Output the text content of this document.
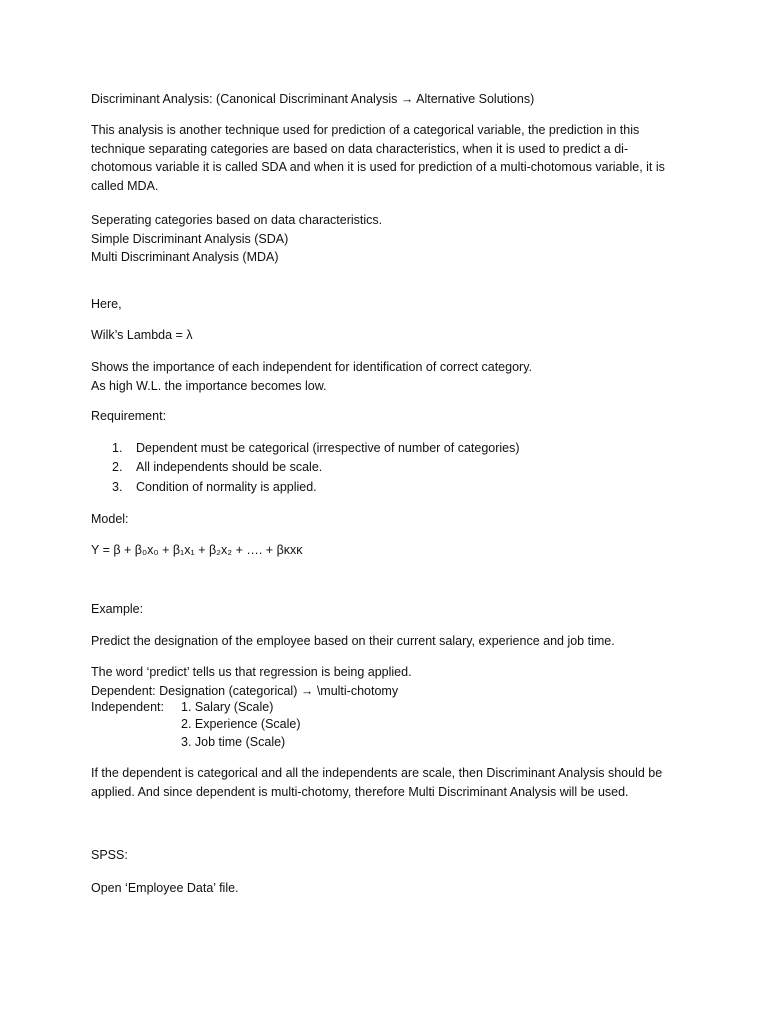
Discriminant Analysis: (Canonical Discriminant Analysis → Alternative Solutions)
This analysis is another technique used for prediction of a categorical variable, the prediction in this
technique separating categories are based on data characteristics, when it is used to predict a di-
chotomous variable it is called SDA and when it is used for prediction of a multi-chotomous variable, it is
called MDA.
Seperating categories based on data characteristics.
Simple Discriminant Analysis (SDA)
Multi Discriminant Analysis (MDA)
Here,
Wilk’s Lambda = λ
Shows the importance of each independent for identification of correct category.
As high W.L. the importance becomes low.
Requirement:
1. Dependent must be categorical (irrespective of number of categories)
2. All independents should be scale.
3. Condition of normality is applied.
Model:
Y = β + β₀x₀ + β₁x₁ + β₂x₂ + …. + βκxκ
Example:
Predict the designation of the employee based on their current salary, experience and job time.
The word ‘predict’ tells us that regression is being applied.
Dependent: Designation (categorical) → \multi-chotomy
Independent: 1. Salary (Scale)
2. Experience (Scale)
3. Job time (Scale)
If the dependent is categorical and all the independents are scale, then Discriminant Analysis should be
applied. And since dependent is multi-chotomy, therefore Multi Discriminant Analysis will be used.
SPSS:
Open ‘Employee Data’ file.
